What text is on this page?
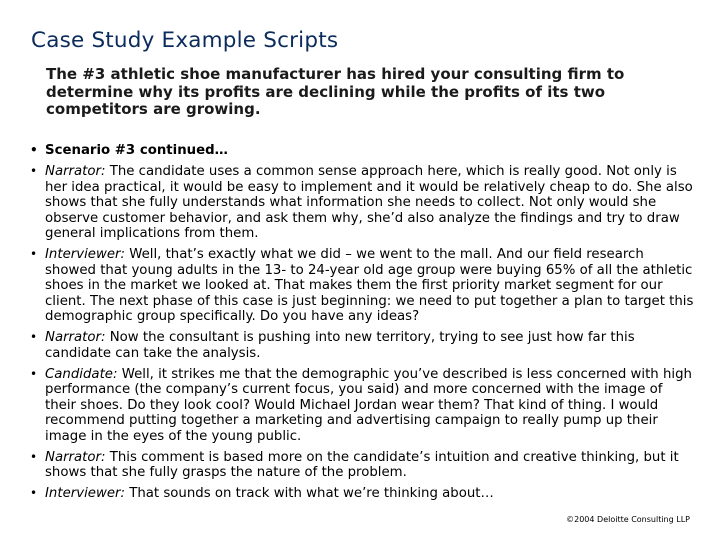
Case Study Example Scripts
The #3 athletic shoe manufacturer has hired your consulting firm to determine why its profits are declining while the profits of its two competitors are growing.
• Scenario #3 continued…
• Narrator: The candidate uses a common sense approach here, which is really good. Not only is her idea practical, it would be easy to implement and it would be relatively cheap to do. She also shows that she fully understands what information she needs to collect. Not only would she observe customer behavior, and ask them why, she’d also analyze the findings and try to draw general implications from them.
• Interviewer: Well, that’s exactly what we did – we went to the mall. And our field research showed that young adults in the 13- to 24-year old age group were buying 65% of all the athletic shoes in the market we looked at. That makes them the first priority market segment for our client. The next phase of this case is just beginning: we need to put together a plan to target this demographic group specifically. Do you have any ideas?
• Narrator: Now the consultant is pushing into new territory, trying to see just how far this candidate can take the analysis.
• Candidate: Well, it strikes me that the demographic you’ve described is less concerned with high performance (the company’s current focus, you said) and more concerned with the image of their shoes. Do they look cool? Would Michael Jordan wear them? That kind of thing. I would recommend putting together a marketing and advertising campaign to really pump up their image in the eyes of the young public.
• Narrator: This comment is based more on the candidate’s intuition and creative thinking, but it shows that she fully grasps the nature of the problem.
• Interviewer: That sounds on track with what we’re thinking about…
©2004 Deloitte Consulting LLP
